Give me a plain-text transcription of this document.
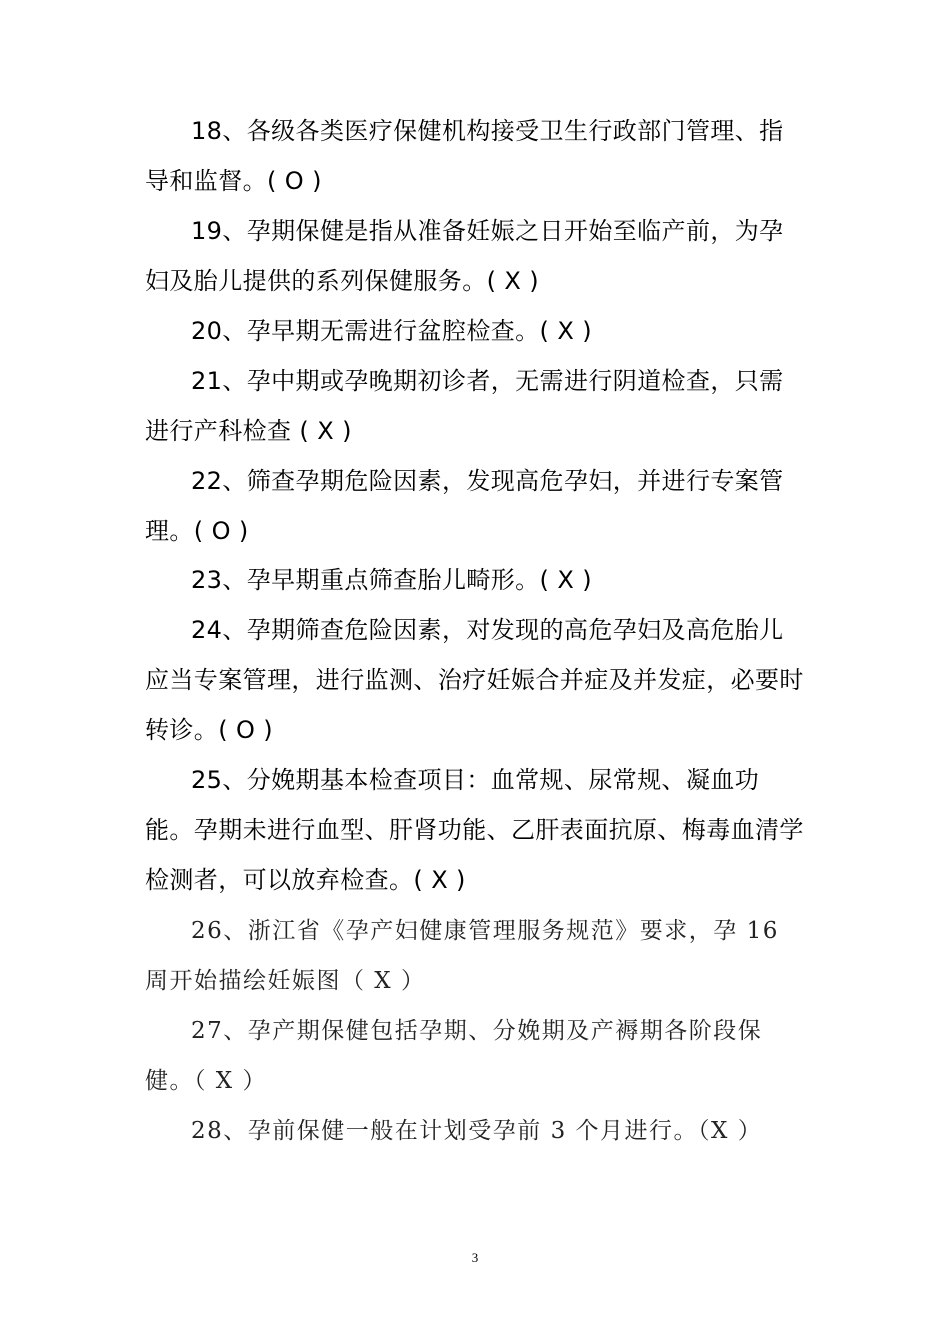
18、各级各类医疗保健机构接受卫生行政部门管理、指导和监督。( O )

19、孕期保健是指从准备妊娠之日开始至临产前，为孕妇及胎儿提供的系列保健服务。( X )

20、孕早期无需进行盆腔检查。( X )

21、孕中期或孕晚期初诊者，无需进行阴道检查，只需进行产科检查 ( X )

22、筛查孕期危险因素，发现高危孕妇，并进行专案管理。( O )

23、孕早期重点筛查胎儿畸形。( X )

24、孕期筛查危险因素，对发现的高危孕妇及高危胎儿应当专案管理，进行监测、治疗妊娠合并症及并发症，必要时转诊。( O )

25、分娩期基本检查项目：血常规、尿常规、凝血功能。孕期未进行血型、肝肾功能、乙肝表面抗原、梅毒血清学检测者，可以放弃检查。( X )

26、浙江省《孕产妇健康管理服务规范》要求，孕 16 周开始描绘妊娠图（ X ）

27、孕产期保健包括孕期、分娩期及产褥期各阶段保健。（ X ）

28、孕前保健一般在计划受孕前 3 个月进行。（X ）

3
